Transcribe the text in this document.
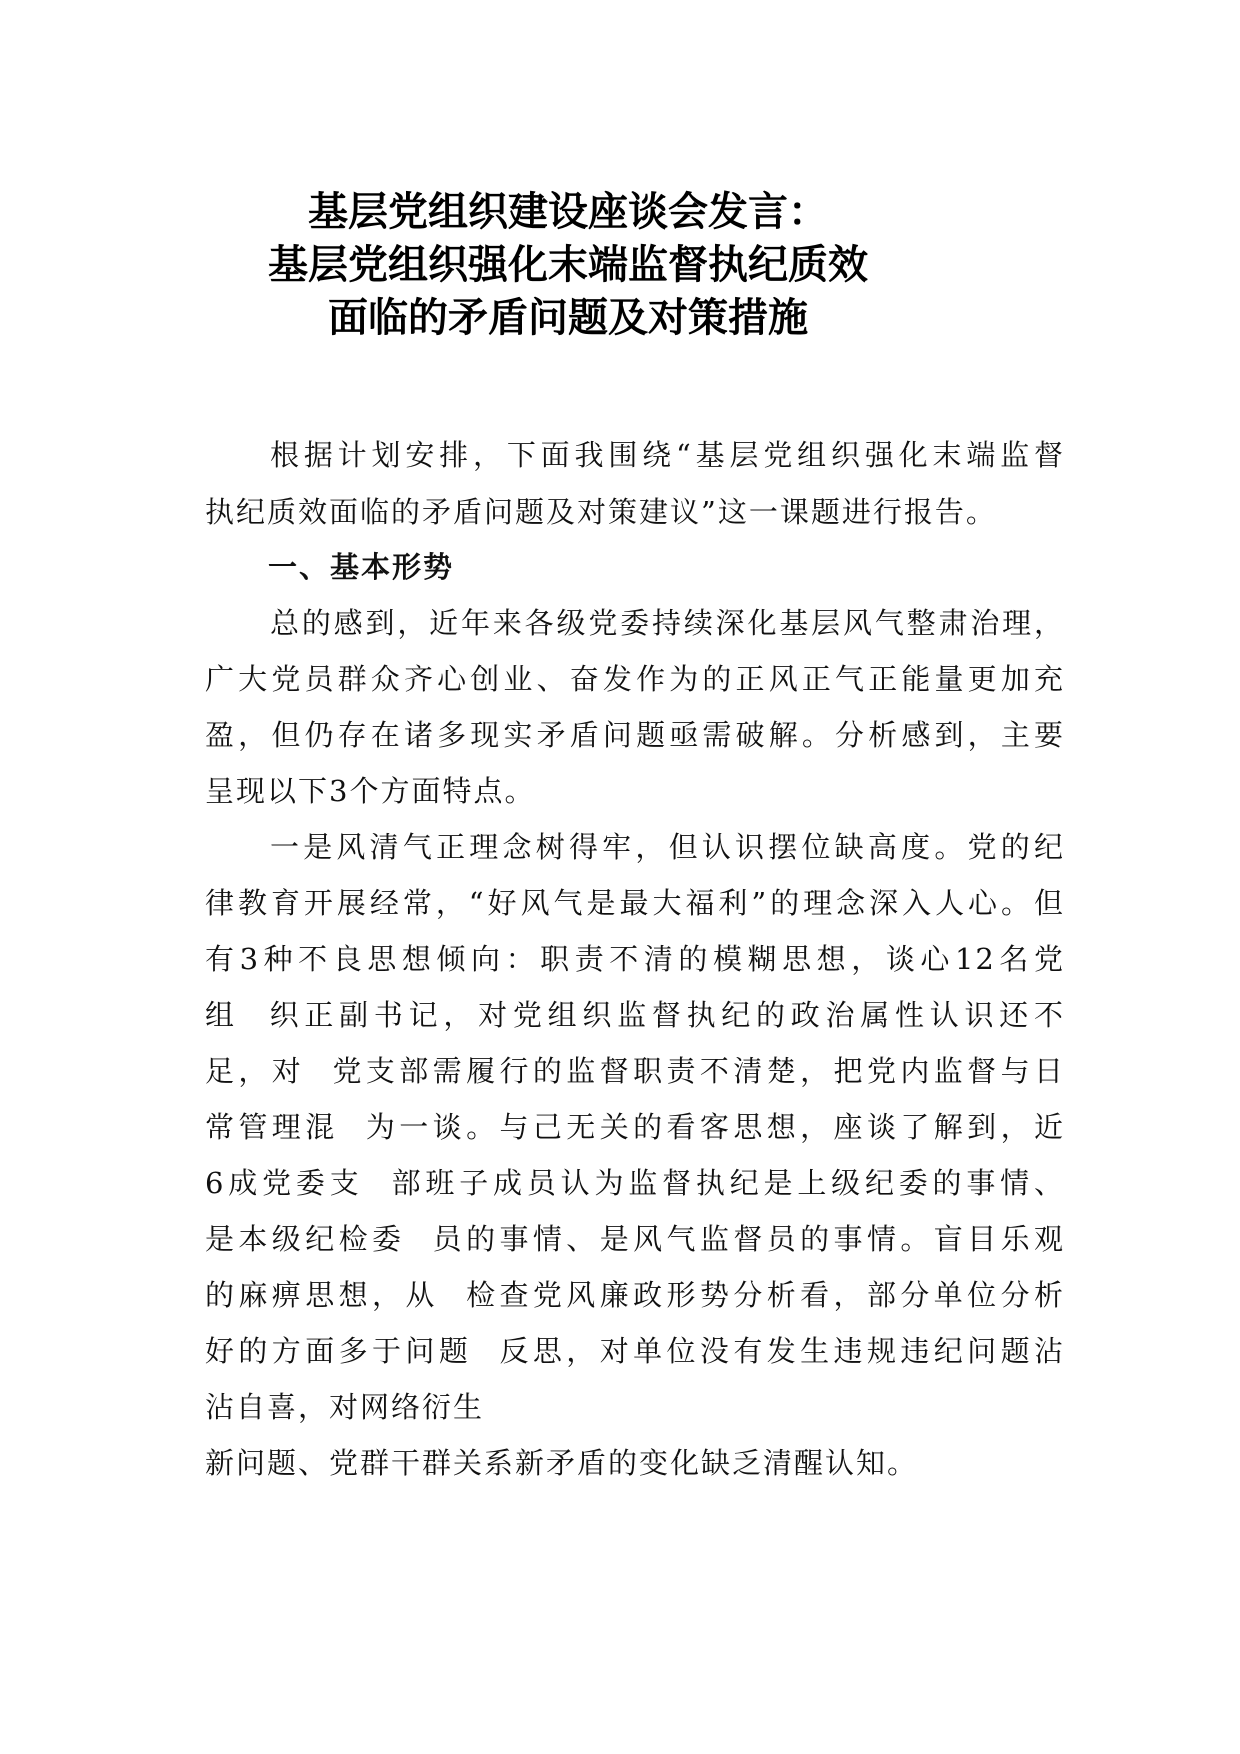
基层党组织建设座谈会发言：
基层党组织强化末端监督执纪质效
面临的矛盾问题及对策措施
根据计划安排，下面我围绕“基层党组织强化末端监督
执纪质效面临的矛盾问题及对策建议”这一课题进行报告。
一、基本形势
总的感到，近年来各级党委持续深化基层风气整肃治理，
广大党员群众齐心创业、奋发作为的正风正气正能量更加充
盈，但仍存在诸多现实矛盾问题亟需破解。分析感到，主要
呈现以下3个方面特点。
一是风清气正理念树得牢，但认识摆位缺高度。党的纪
律教育开展经常，“好风气是最大福利”的理念深入人心。但
有3种不良思想倾向：职责不清的模糊思想，谈心12名党
组  织正副书记，对党组织监督执纪的政治属性认识还不
足，对  党支部需履行的监督职责不清楚，把党内监督与日
常管理混  为一谈。与己无关的看客思想，座谈了解到，近
6成党委支  部班子成员认为监督执纪是上级纪委的事情、
是本级纪检委  员的事情、是风气监督员的事情。盲目乐观
的麻痹思想，从  检查党风廉政形势分析看，部分单位分析
好的方面多于问题  反思，对单位没有发生违规违纪问题沾
沾自喜，对网络衍生
新问题、党群干群关系新矛盾的变化缺乏清醒认知。
